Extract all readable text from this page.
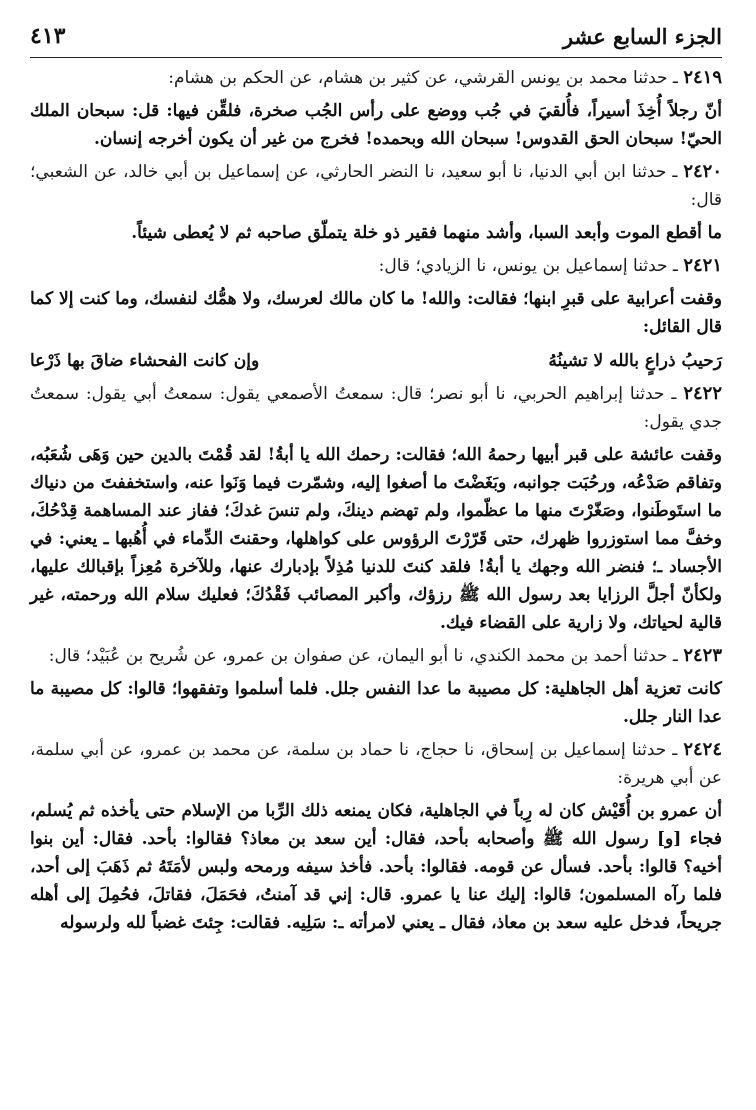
٤١٣	الجزء السابع عشر

٢٤١٩ ـ حدثنا محمد بن يونس القرشي، عن كثير بن هشام، عن الحكم بن هشام:

أنّ رجلاً أُخِذَ أسيراً، فأُلقيَ في جُب ووضع على رأس الجُب صخرة، فلقِّن فيها: قل: سبحان الملك الحيّ! سبحان الحق القدوس! سبحان الله وبحمده! فخرج من غير أن يكون أخرجه إنسان.

٢٤٢٠ ـ حدثنا ابن أبي الدنيا، نا أبو سعيد، نا النضر الحارثي، عن إسماعيل بن أبي خالد، عن الشعبي؛ قال:

ما أقطع الموت وأبعد السبا، وأشد منهما فقير ذو خلة يتملّق صاحبه ثم لا يُعطى شيئاً.

٢٤٢١ ـ حدثنا إسماعيل بن يونس، نا الزيادي؛ قال:

وقفت أعرابية على قبرِ ابنها؛ فقالت: والله! ما كان مالك لعرسك، ولا همُّك لنفسك، وما كنت إلا كما قال القائل:

رَحيبُ ذراعٍ بالله لا تشينُهُ
وإن كانت الفحشاء ضاقَ بها ذَرْعا

٢٤٢٢ ـ حدثنا إبراهيم الحربي، نا أبو نصر؛ قال: سمعتُ الأصمعي يقول: سمعتُ أبي يقول: سمعتُ جدي يقول:

وقفت عائشة على قبر أبيها رحمهُ الله؛ فقالت: رحمك الله يا أبةُ! لقد قُمْتَ بالدين حين وَهَى شُعَبُه، وتفاقم صَدْعُه، ورحُبَت جوانبه، وبَغَضْتَ ما أصغوا إليه، وشمّرت فيما وَنَوا عنه، واستخففتَ من دنياك ما استَوطَنوا، وصَغّرْتَ منها ما عظّموا، ولم تهضم دينكَ، ولم تنسَ غدكَ؛ ففاز عند المساهمة قِدْحُكَ، وخفَّ مما استوزروا ظهرك، حتى قَرّرْتَ الرؤوس على كواهلها، وحقنتَ الدِّماء في أُهُبها ـ يعني: في الأجساد ـ؛ فنضر الله وجهك يا أبةُ! فلقد كنتَ للدنيا مُذِلاً بإدبارك عنها، وللآخرة مُعِزاً بإقبالك عليها، ولكأنّ أجلَّ الرزايا بعد رسول الله ﷺ رزؤك، وأكبر المصائب فَقْدُكَ؛ فعليك سلام الله ورحمته، غير قالية لحياتك، ولا زارية على القضاء فيك.

٢٤٢٣ ـ حدثنا أحمد بن محمد الكندي، نا أبو اليمان، عن صفوان بن عمرو، عن شُريح بن عُبَيْد؛ قال:

كانت تعزية أهل الجاهلية: كل مصيبة ما عدا النفس جلل. فلما أسلموا وتفقهوا؛ قالوا: كل مصيبة ما عدا النار جلل.

٢٤٢٤ ـ حدثنا إسماعيل بن إسحاق، نا حجاج، نا حماد بن سلمة، عن محمد بن عمرو، عن أبي سلمة، عن أبي هريرة:

أن عمرو بن أُقَيْش كان له رِباً في الجاهلية، فكان يمنعه ذلك الرِّبا من الإسلام حتى يأخذه ثم يُسلم، فجاء [و] رسول الله ﷺ وأصحابه بأحد، فقال: أين سعد بن معاذ؟ فقالوا: بأحد. فقال: أين بنوا أخيه؟ قالوا: بأحد. فسأل عن قومه. فقالوا: بأحد. فأخذ سيفه ورمحه ولبس لأمَتَهُ ثم ذَهَبَ إلى أحد، فلما رآه المسلمون؛ قالوا: إليك عنا يا عمرو. قال: إني قد آمنتُ، فحَمَلَ، فقاتلَ، فحُمِلَ إلى أهله جريحاً، فدخل عليه سعد بن معاذ، فقال ـ يعني لامرأته ـ: سَلِيه. فقالت: جِئتَ غضباً لله ولرسوله
